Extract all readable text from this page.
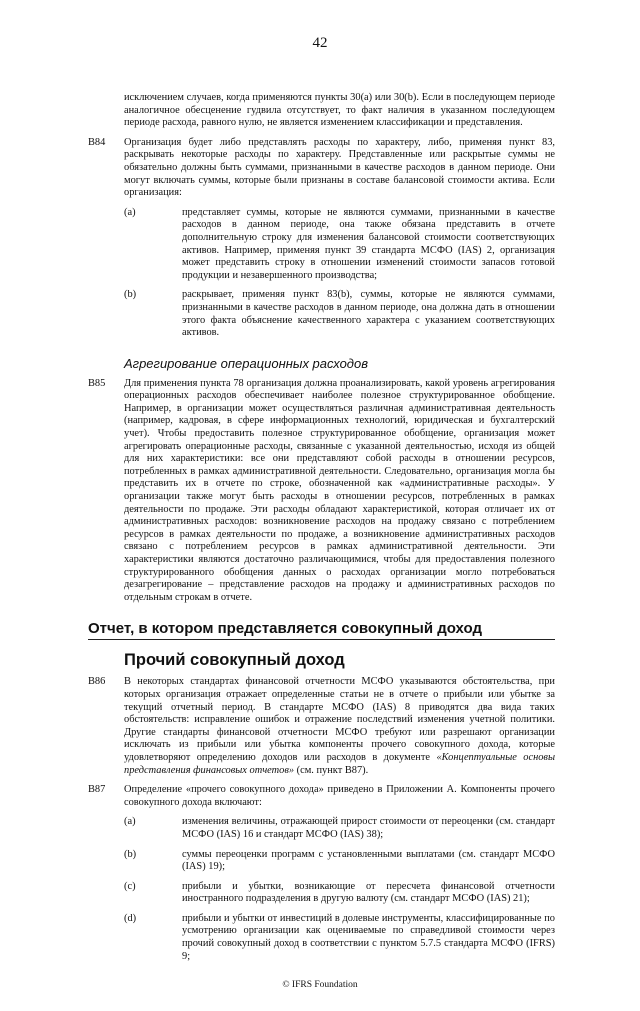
42
исключением случаев, когда применяются пункты 30(a) или 30(b). Если в последующем периоде аналогичное обесценение гудвила отсутствует, то факт наличия в указанном последующем периоде расхода, равного нулю, не является изменением классификации и представления.
B84	Организация будет либо представлять расходы по характеру, либо, применяя пункт 83, раскрывать некоторые расходы по характеру. Представленные или раскрытые суммы не обязательно должны быть суммами, признанными в качестве расходов в данном периоде. Они могут включать суммы, которые были признаны в составе балансовой стоимости актива. Если организация:
(a)	представляет суммы, которые не являются суммами, признанными в качестве расходов в данном периоде, она также обязана представить в отчете дополнительную строку для изменения балансовой стоимости соответствующих активов. Например, применяя пункт 39 стандарта МСФО (IAS) 2, организация может представить строку в отношении изменений стоимости запасов готовой продукции и незавершенного производства;
(b)	раскрывает, применяя пункт 83(b), суммы, которые не являются суммами, признанными в качестве расходов в данном периоде, она должна дать в отношении этого факта объяснение качественного характера с указанием соответствующих активов.
Агрегирование операционных расходов
B85	Для применения пункта 78 организация должна проанализировать, какой уровень агрегирования операционных расходов обеспечивает наиболее полезное структурированное обобщение. Например, в организации может осуществляться различная административная деятельность (например, кадровая, в сфере информационных технологий, юридическая и бухгалтерский учет). Чтобы предоставить полезное структурированное обобщение, организация может агрегировать операционные расходы, связанные с указанной деятельностью, исходя из общей для них характеристики: все они представляют собой расходы в отношении ресурсов, потребленных в рамках административной деятельности. Следовательно, организация могла бы представить их в отчете по строке, обозначенной как «административные расходы». У организации также могут быть расходы в отношении ресурсов, потребленных в рамках деятельности по продаже. Эти расходы обладают характеристикой, которая отличает их от административных расходов: возникновение расходов на продажу связано с потреблением ресурсов в рамках деятельности по продаже, а возникновение административных расходов связано с потреблением ресурсов в рамках административной деятельности. Эти характеристики являются достаточно различающимися, чтобы для предоставления полезного структурированного обобщения данных о расходах организации могло потребоваться дезагрегирование – представление расходов на продажу и административных расходов по отдельным строкам в отчете.
Отчет, в котором представляется совокупный доход
Прочий совокупный доход
B86	В некоторых стандартах финансовой отчетности МСФО указываются обстоятельства, при которых организация отражает определенные статьи не в отчете о прибыли или убытке за текущий отчетный период. В стандарте МСФО (IAS) 8 приводятся два вида таких обстоятельств: исправление ошибок и отражение последствий изменения учетной политики. Другие стандарты финансовой отчетности МСФО требуют или разрешают организации исключать из прибыли или убытка компоненты прочего совокупного дохода, которые удовлетворяют определению доходов или расходов в документе «Концептуальные основы представления финансовых отчетов» (см. пункт B87).
B87	Определение «прочего совокупного дохода» приведено в Приложении А. Компоненты прочего совокупного дохода включают:
(a)	изменения величины, отражающей прирост стоимости от переоценки (см. стандарт МСФО (IAS) 16 и стандарт МСФО (IAS) 38);
(b)	суммы переоценки программ с установленными выплатами (см. стандарт МСФО (IAS) 19);
(c)	прибыли и убытки, возникающие от пересчета финансовой отчетности иностранного подразделения в другую валюту (см. стандарт МСФО (IAS) 21);
(d)	прибыли и убытки от инвестиций в долевые инструменты, классифицированные по усмотрению организации как оцениваемые по справедливой стоимости через прочий совокупный доход в соответствии с пунктом 5.7.5 стандарта МСФО (IFRS) 9;
© IFRS Foundation
